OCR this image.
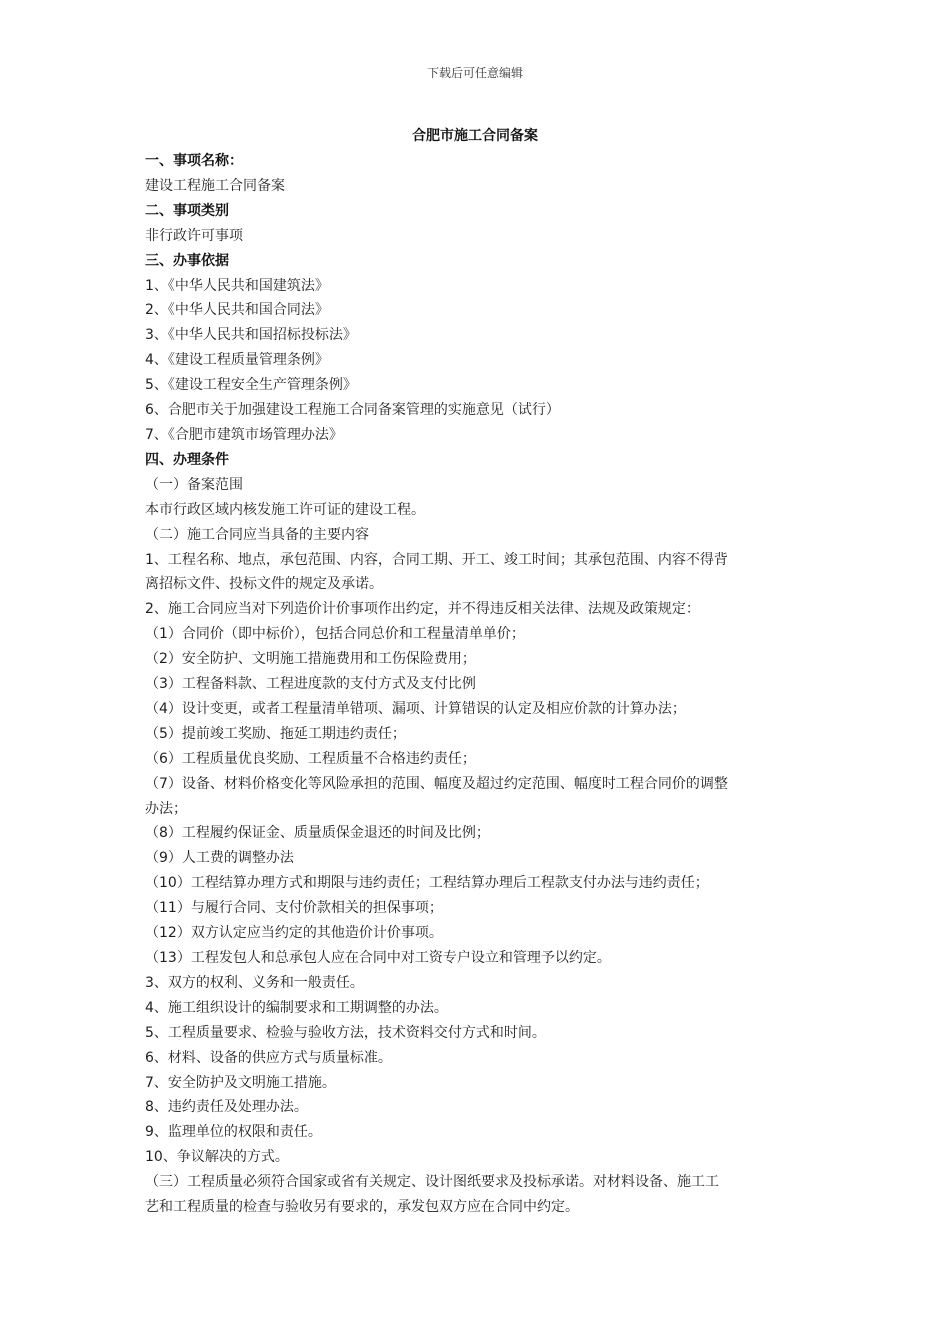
下载后可任意编辑
合肥市施工合同备案
一、事项名称：
建设工程施工合同备案
二、事项类别
非行政许可事项
三、办事依据
1、《中华人民共和国建筑法》
2、《中华人民共和国合同法》
3、《中华人民共和国招标投标法》
4、《建设工程质量管理条例》
5、《建设工程安全生产管理条例》
6、合肥市关于加强建设工程施工合同备案管理的实施意见（试行）
7、《合肥市建筑市场管理办法》
四、办理条件
（一）备案范围
本市行政区域内核发施工许可证的建设工程。
（二）施工合同应当具备的主要内容
1、工程名称、地点，承包范围、内容，合同工期、开工、竣工时间；其承包范围、内容不得背
离招标文件、投标文件的规定及承诺。
2、施工合同应当对下列造价计价事项作出约定，并不得违反相关法律、法规及政策规定：
（1）合同价（即中标价），包括合同总价和工程量清单单价；
（2）安全防护、文明施工措施费用和工伤保险费用；
（3）工程备料款、工程进度款的支付方式及支付比例
（4）设计变更，或者工程量清单错项、漏项、计算错误的认定及相应价款的计算办法；
（5）提前竣工奖励、拖延工期违约责任；
（6）工程质量优良奖励、工程质量不合格违约责任；
（7）设备、材料价格变化等风险承担的范围、幅度及超过约定范围、幅度时工程合同价的调整
办法；
（8）工程履约保证金、质量质保金退还的时间及比例；
（9）人工费的调整办法
（10）工程结算办理方式和期限与违约责任；工程结算办理后工程款支付办法与违约责任；
（11）与履行合同、支付价款相关的担保事项；
（12）双方认定应当约定的其他造价计价事项。
（13）工程发包人和总承包人应在合同中对工资专户设立和管理予以约定。
3、双方的权利、义务和一般责任。
4、施工组织设计的编制要求和工期调整的办法。
5、工程质量要求、检验与验收方法，技术资料交付方式和时间。
6、材料、设备的供应方式与质量标准。
7、安全防护及文明施工措施。
8、违约责任及处理办法。
9、监理单位的权限和责任。
10、争议解决的方式。
（三）工程质量必须符合国家或省有关规定、设计图纸要求及投标承诺。对材料设备、施工工
艺和工程质量的检查与验收另有要求的，承发包双方应在合同中约定。
